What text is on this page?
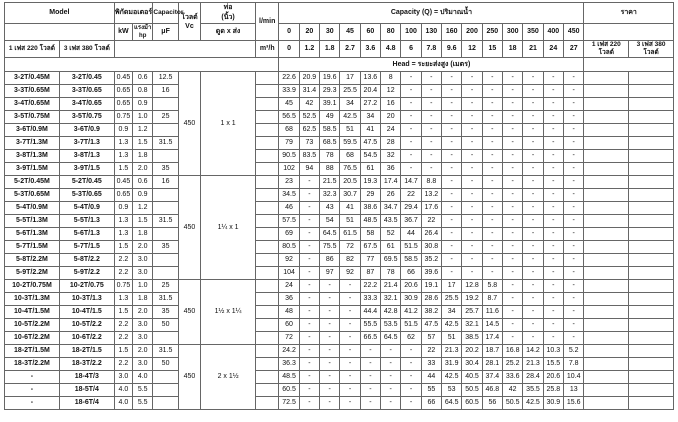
Model		พิกัดมอเตอร์		Capacitor	โวลต์ Vc	ท่อ
(นิ้ว)	l/min	Capacity (Q) = ปริมาณน้ำ															ราคา	
		kW	แรงม้า hp	μF		ดูด x ส่ง		0	20	30	45	60	80	100	130	160	200	250	300	350	400	450		
1 เฟส 220 โวลต์	3 เฟส 380 โวลต์						m³/h	0	1.2	1.8	2.7	3.6	4.8	6	7.8	9.6	12	15	18	21	24	27	1 เฟส 220 โวลต์	3 เฟส 380 โวลต์
								Head = ระยะส่งสูง (เมตร)																
3-2T/0.45M	3-2T/0.45	0.45	0.6	12.5	450	1 x 1		22.6	20.9	19.6	17	13.6	8	-	-	-	-	-	-	-	-	-		
3-3T/0.65M	3-3T/0.65	0.65	0.8	16				33.9	31.4	29.3	25.5	20.4	12	-	-	-	-	-	-	-	-	-		
3-4T/0.65M	3-4T/0.65	0.65	0.9					45	42	39.1	34	27.2	16	-	-	-	-	-	-	-	-	-		
3-5T/0.75M	3-5T/0.75	0.75	1.0	25				56.5	52.5	49	42.5	34	20	-	-	-	-	-	-	-	-	-		
3-6T/0.9M	3-6T/0.9	0.9	1.2					68	62.5	58.5	51	41	24	-	-	-	-	-	-	-	-	-		
3-7T/1.3M	3-7T/1.3	1.3	1.5	31.5				79	73	68.5	59.5	47.5	28	-	-	-	-	-	-	-	-	-		
3-8T/1.3M	3-8T/1.3	1.3	1.8					90.5	83.5	78	68	54.5	32	-	-	-	-	-	-	-	-	-		
3-9T/1.5M	3-9T/1.5	1.5	2.0	35				102	94	88	76.5	61	36	-	-	-	-	-	-	-	-	-		
5-2T/0.45M	5-2T/0.45	0.45	0.6	16	450	1¼ x 1		23	-	21.5	20.5	19.3	17.4	14.7	8.8	-	-	-	-	-	-	-		
5-3T/0.65M	5-3T/0.65	0.65	0.9					34.5	-	32.3	30.7	29	26	22	13.2	-	-	-	-	-	-	-		
5-4T/0.9M	5-4T/0.9	0.9	1.2					46	-	43	41	38.6	34.7	29.4	17.6	-	-	-	-	-	-	-		
5-5T/1.3M	5-5T/1.3	1.3	1.5	31.5				57.5	-	54	51	48.5	43.5	36.7	22	-	-	-	-	-	-	-		
5-6T/1.3M	5-6T/1.3	1.3	1.8					69	-	64.5	61.5	58	52	44	26.4	-	-	-	-	-	-	-		
5-7T/1.5M	5-7T/1.5	1.5	2.0	35				80.5	-	75.5	72	67.5	61	51.5	30.8	-	-	-	-	-	-	-		
5-8T/2.2M	5-8T/2.2	2.2	3.0					92	-	86	82	77	69.5	58.5	35.2	-	-	-	-	-	-	-		
5-9T/2.2M	5-9T/2.2	2.2	3.0					104	-	97	92	87	78	66	39.6	-	-	-	-	-	-	-		
10-2T/0.75M	10-2T/0.75	0.75	1.0	25	450	1½ x 1¼		24	-	-	-	22.2	21.4	20.6	19.1	17	12.8	5.8	-	-	-	-		
10-3T/1.3M	10-3T/1.3	1.3	1.8	31.5				36	-	-	-	33.3	32.1	30.9	28.6	25.5	19.2	8.7	-	-	-	-		
10-4T/1.5M	10-4T/1.5	1.5	2.0	35				48	-	-	-	44.4	42.8	41.2	38.2	34	25.7	11.6	-	-	-	-		
10-5T/2.2M	10-5T/2.2	2.2	3.0	50				60	-	-	-	55.5	53.5	51.5	47.5	42.5	32.1	14.5	-	-	-	-		
10-6T/2.2M	10-6T/2.2	2.2	3.0					72	-	-	-	66.5	64.5	62	57	51	38.5	17.4	-	-	-	-		
18-2T/1.5M	18-2T/1.5	1.5	2.0	31.5	450	2 x 1½		24.2	-	-	-	-	-	-	22	21.3	20.2	18.7	16.8	14.2	10.3	5.2		
18-3T/2.2M	18-3T/2.2	2.2	3.0	50				36.3	-	-	-	-	-	-	33	31.9	30.4	28.1	25.2	21.3	15.5	7.8		
-	18-4T/3	3.0	4.0					48.5	-	-	-	-	-	-	44	42.5	40.5	37.4	33.6	28.4	20.6	10.4		
-	18-5T/4	4.0	5.5					60.5	-	-	-	-	-	-	55	53	50.5	46.8	42	35.5	25.8	13		
-	18-6T/4	4.0	5.5					72.5	-	-	-	-	-	-	66	64.5	60.5	56	50.5	42.5	30.9	15.6		
